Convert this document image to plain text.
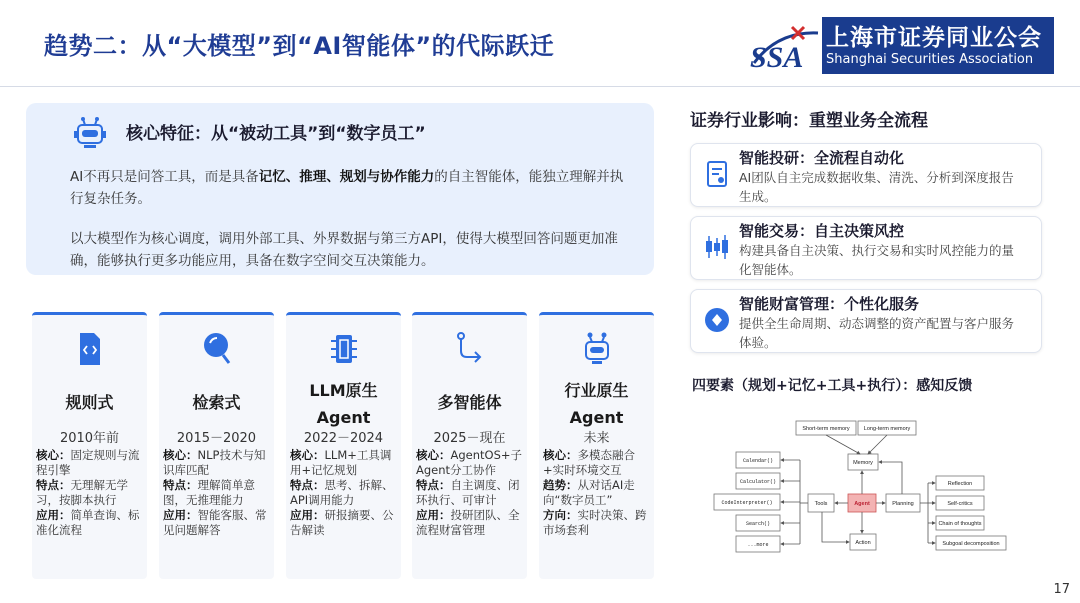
趋势二：从“大模型”到“AI智能体”的代际跃迁	SSA
上海市证券同业公会
Shanghai Securities Association
核心特征：从“被动工具”到“数字员工”
AI不再只是问答工具，而是具备记忆、推理、规划与协作能力的自主智能体，能独立理解并执行复杂任务。
以大模型作为核心调度，调用外部工具、外界数据与第三方API，使得大模型回答问题更加准确，能够执行更多功能应用，具备在数字空间交互决策能力。
规则式
2010年前
核心：固定规则与流程引擎
特点：无理解无学习，按脚本执行
应用：简单查询、标准化流程
检索式
2015－2020
核心：NLP技术与知识库匹配
特点：理解简单意图，无推理能力
应用：智能客服、常见问题解答
LLM原生
Agent
2022－2024
核心：LLM+工具调用+记忆规划
特点：思考、拆解、API调用能力
应用：研报摘要、公告解读
多智能体
2025－现在
核心：AgentOS+子Agent分工协作
特点：自主调度、闭环执行、可审计
应用：投研团队、全流程财富管理
行业原生
Agent
未来
核心：多模态融合+实时环境交互
趋势：从对话AI走向“数字员工”
方向：实时决策、跨市场套利
证券行业影响：重塑业务全流程
智能投研：全流程自动化
AI团队自主完成数据收集、清洗、分析到深度报告生成。
智能交易：自主决策风控
构建具备自主决策、执行交易和实时风控能力的量化智能体。
智能财富管理：个性化服务
提供全生命周期、动态调整的资产配置与客户服务体验。
四要素（规划+记忆+工具+执行）：感知反馈
Short-term memory	Long-term memory
Memory
Tools	Agent	Planning
Action
Calendar()
Calculator()
CodeInterpreter()
Search()
...more
Reflection
Self-critics
Chain of thoughts
Subgoal decomposition
17
